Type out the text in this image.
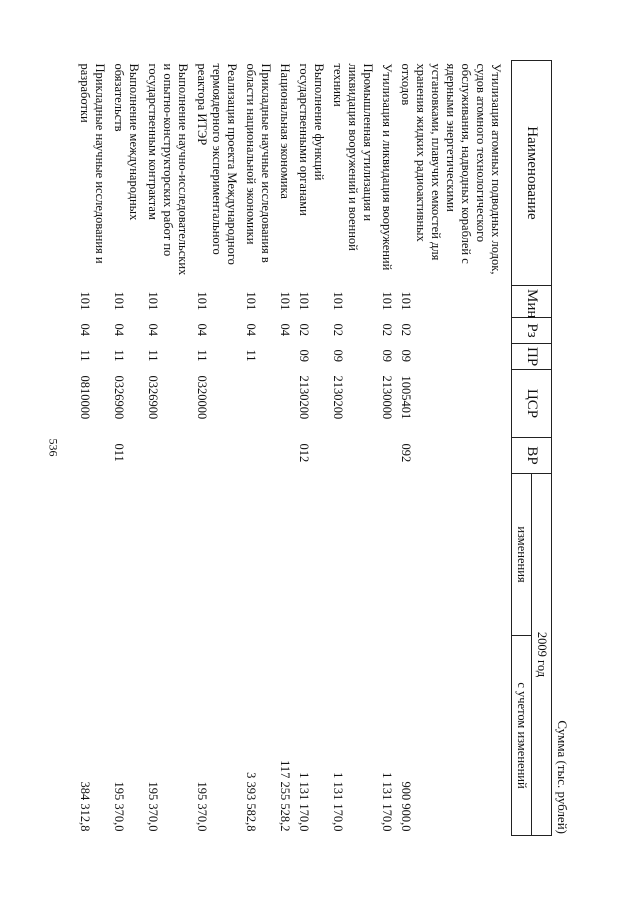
536
Сумма (тыс. рублей)
Наименование	Мин	Рз	ПР	ЦСР	ВР	2009 год	
						изменения	с учетом изменений
Утилизация атомных подводных лодок, судов атомного технологического обслуживания, надводных кораблей с ядерными энергетическими установками, плавучих емкостей для хранения жидких радиоактивных отходов	101	02	09	1005401	092		900 900,0
Утилизация и ликвидация вооружений	101	02	09	2130000			1 131 170,0
Промышленная утилизация и ликвидация вооружений и военной техники	101	02	09	2130200			1 131 170,0
Выполнение функций государственными органами	101	02	09	2130200	012		1 131 170,0
Национальная экономика	101	04					117 255 528,2
Прикладные научные исследования в области национальной экономики	101	04	11				3 393 582,8
Реализация проекта Международного термоядерного экспериментального реактора ИТЭР	101	04	11	0320000			195 370,0
Выполнение научно-исследовательских и опытно-конструкторских работ по государственным контрактам	101	04	11	0326900			195 370,0
Выполнение международных обязательств	101	04	11	0326900	011		195 370,0
Прикладные научные исследования и разработки	101	04	11	0810000			384 312,8
